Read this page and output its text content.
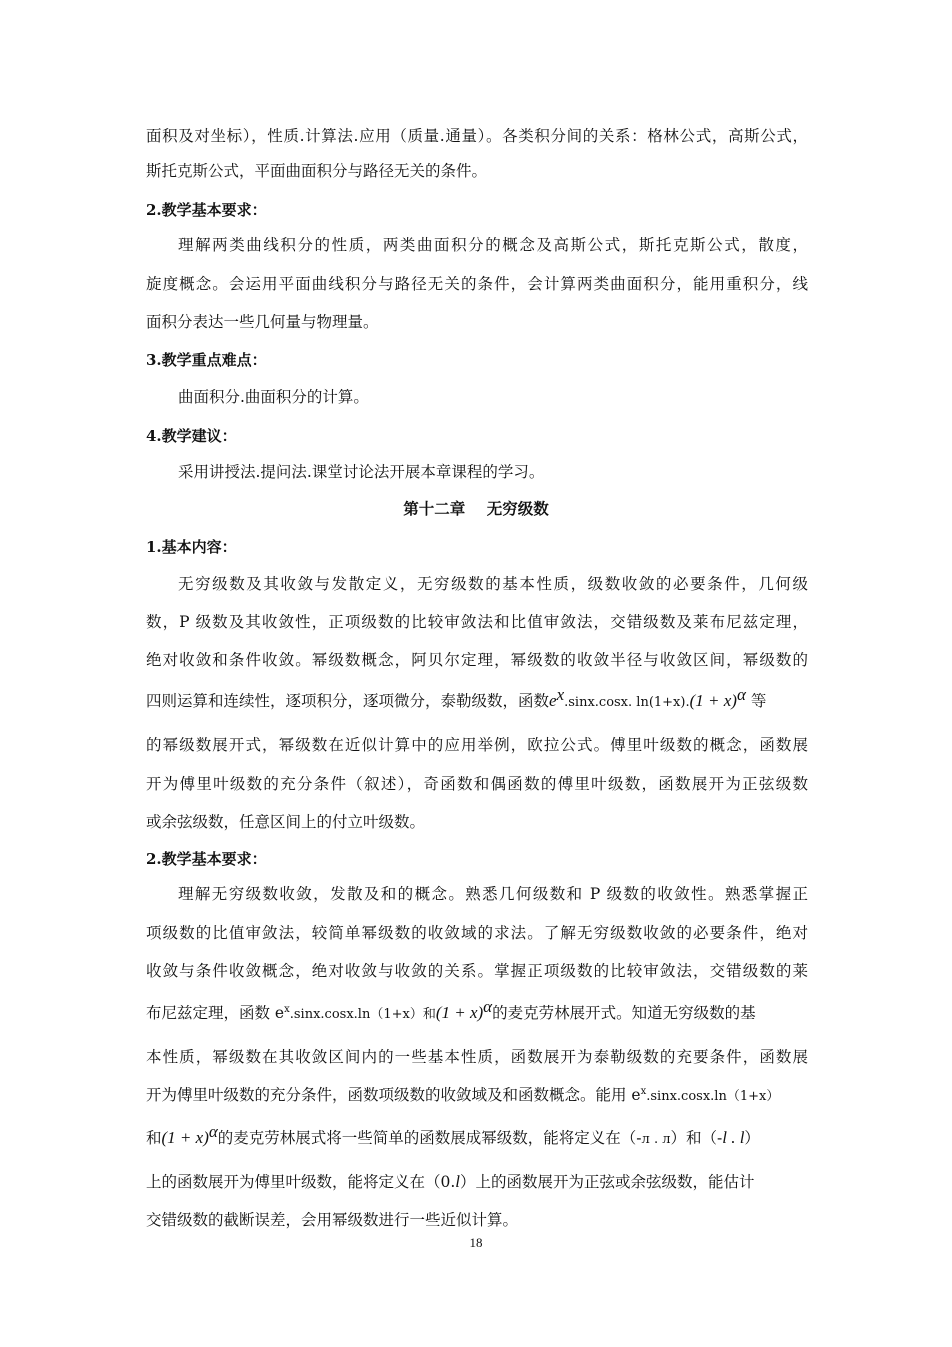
面积及对坐标），性质.计算法.应用（质量.通量）。各类积分间的关系：格林公式，高斯公式，
斯托克斯公式，平面曲面积分与路径无关的条件。
2.教学基本要求：
理解两类曲线积分的性质，两类曲面积分的概念及高斯公式，斯托克斯公式，散度，
旋度概念。会运用平面曲线积分与路径无关的条件，会计算两类曲面积分，能用重积分，线
面积分表达一些几何量与物理量。
3.教学重点难点：
曲面积分.曲面积分的计算。
4.教学建议：
采用讲授法.提问法.课堂讨论法开展本章课程的学习。
第十二章    无穷级数
1.基本内容：
无穷级数及其收敛与发散定义，无穷级数的基本性质，级数收敛的必要条件，几何级
数，P 级数及其收敛性，正项级数的比较审敛法和比值审敛法，交错级数及莱布尼兹定理，
绝对收敛和条件收敛。幂级数概念，阿贝尔定理，幂级数的收敛半径与收敛区间，幂级数的
四则运算和连续性，逐项积分，逐项微分，泰勒级数，函数$e^x.\sin x.\cos x$. $\ln(1+x).(1 + x)^\alpha$ 等
的幂级数展开式，幂级数在近似计算中的应用举例，欧拉公式。傅里叶级数的概念，函数展
开为傅里叶级数的充分条件（叙述），奇函数和偶函数的傅里叶级数，函数展开为正弦级数
或余弦级数，任意区间上的付立叶级数。
2.教学基本要求：
理解无穷级数收敛，发散及和的概念。熟悉几何级数和 P 级数的收敛性。熟悉掌握正
项级数的比值审敛法，较简单幂级数的收敛域的求法。了解无穷级数收敛的必要条件，绝对
收敛与条件收敛概念，绝对收敛与收敛的关系。掌握正项级数的比较审敛法，交错级数的莱
布尼兹定理，函数 $e^x.\sin x.\cos x.\ln(1+x)$和$(1 + x)^\alpha$的麦克劳林展开式。知道无穷级数的基
本性质，幂级数在其收敛区间内的一些基本性质，函数展开为泰勒级数的充要条件，函数展
开为傅里叶级数的充分条件，函数项级数的收敛域及和函数概念。能用 $e^x.\sin x.\cos x.\ln(1+x)$
和$(1 + x)^\alpha$的麦克劳林展式将一些简单的函数展成幂级数，能将定义在（-л . л）和（-l . l）
上的函数展开为傅里叶级数，能将定义在（0.l）上的函数展开为正弦或余弦级数，能估计
交错级数的截断误差，会用幂级数进行一些近似计算。
18
